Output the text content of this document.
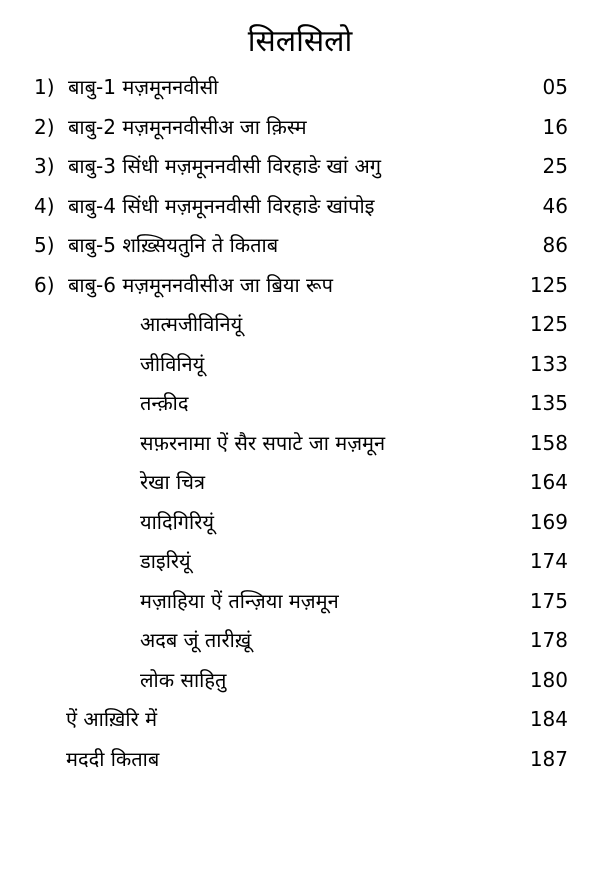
सिलसिलो
1) बाबु-1 मज़मूननवीसी	05
2) बाबु-2 मज़मूननवीसीअ जा क़िस्म	16
3) बाबु-3 सिंधी मज़मूननवीसी विरहाङे खां अगु	25
4) बाबु-4 सिंधी मज़मूननवीसी विरहाङे खांपोइ	46
5) बाबु-5 शख़्सियतुनि ते किताब	86
6) बाबु-6 मज़मूननवीसीअ जा ॿिया रूप	125
आत्मजीविनियूं	125
जीविनियूं	133
तन्क़ीद	135
सफ़रनामा ऐं सैर सपाटे जा मज़मून	158
रेखा चित्र	164
यादिगिरियूं	169
डाइरियूं	174
मज़ाहिया ऐं तन्ज़िया मज़मून	175
अदब जूं तारीख़ूं	178
लोक साहितु	180
ऐं आख़िरि में	184
मददी किताब	187
